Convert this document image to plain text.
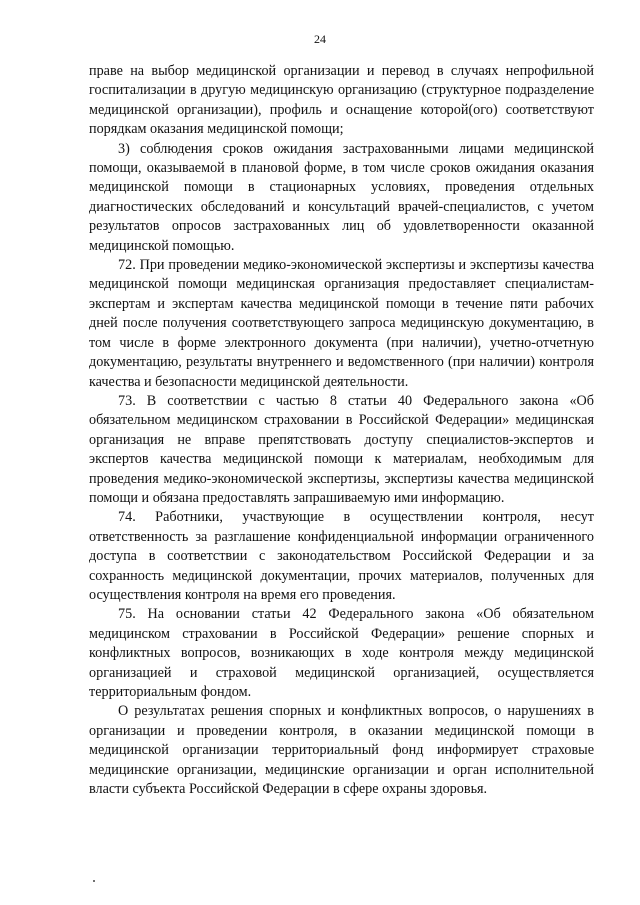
24

праве на выбор медицинской организации и перевод в случаях непрофильной госпитализации в другую медицинскую организацию (структурное подразделение медицинской организации), профиль и оснащение которой(ого) соответствуют порядкам оказания медицинской помощи;

3) соблюдения сроков ожидания застрахованными лицами медицинской помощи, оказываемой в плановой форме, в том числе сроков ожидания оказания медицинской помощи в стационарных условиях, проведения отдельных диагностических обследований и консультаций врачей-специалистов, с учетом результатов опросов застрахованных лиц об удовлетворенности оказанной медицинской помощью.

72. При проведении медико-экономической экспертизы и экспертизы качества медицинской помощи медицинская организация предоставляет специалистам-экспертам и экспертам качества медицинской помощи в течение пяти рабочих дней после получения соответствующего запроса медицинскую документацию, в том числе в форме электронного документа (при наличии), учетно-отчетную документацию, результаты внутреннего и ведомственного (при наличии) контроля качества и безопасности медицинской деятельности.

73. В соответствии с частью 8 статьи 40 Федерального закона «Об обязательном медицинском страховании в Российской Федерации» медицинская организация не вправе препятствовать доступу специалистов-экспертов и экспертов качества медицинской помощи к материалам, необходимым для проведения медико-экономической экспертизы, экспертизы качества медицинской помощи и обязана предоставлять запрашиваемую ими информацию.

74. Работники, участвующие в осуществлении контроля, несут ответственность за разглашение конфиденциальной информации ограниченного доступа в соответствии с законодательством Российской Федерации и за сохранность медицинской документации, прочих материалов, полученных для осуществления контроля на время его проведения.

75. На основании статьи 42 Федерального закона «Об обязательном медицинском страховании в Российской Федерации» решение спорных и конфликтных вопросов, возникающих в ходе контроля между медицинской организацией и страховой медицинской организацией, осуществляется территориальным фондом.

О результатах решения спорных и конфликтных вопросов, о нарушениях в организации и проведении контроля, в оказании медицинской помощи в медицинской организации территориальный фонд информирует страховые медицинские организации, медицинские организации и орган исполнительной власти субъекта Российской Федерации в сфере охраны здоровья.
